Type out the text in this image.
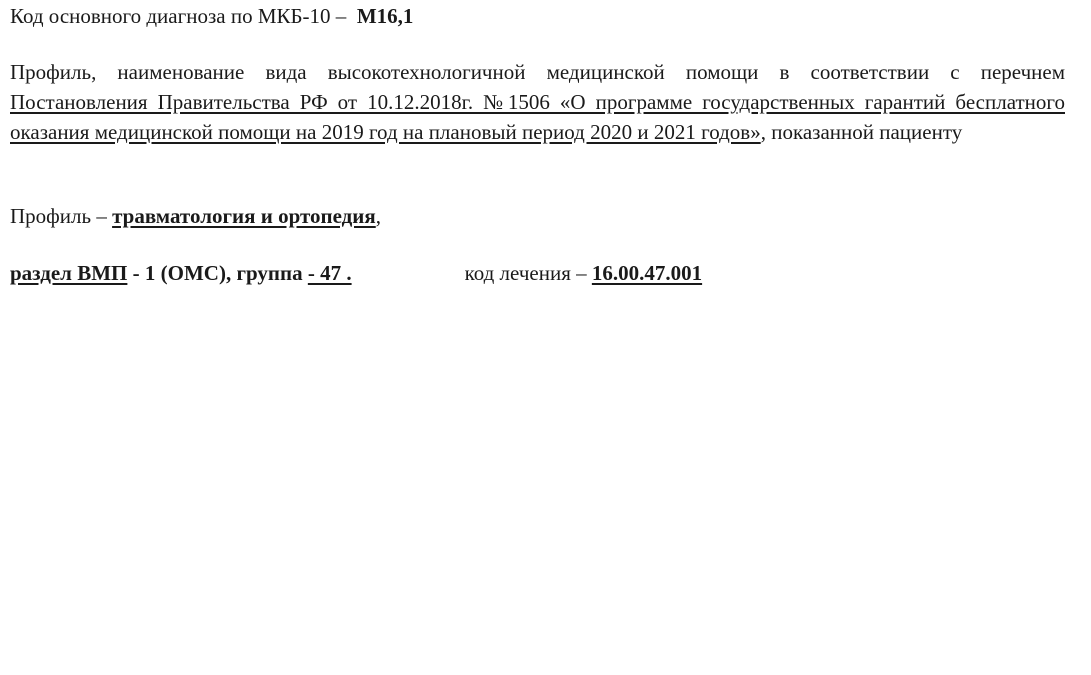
Код основного диагноза по МКБ-10 – M16,1
Профиль, наименование вида высокотехнологичной медицинской помощи в соответствии с перечнем Постановления Правительства РФ от 10.12.2018г. №1506 «О программе государственных гарантий бесплатного оказания медицинской помощи на 2019 год на плановый период 2020 и 2021 годов», показанной пациенту
Профиль – травматология и ортопедия,
раздел ВМП - 1 (ОМС), группа - 47 .	код лечения – 16.00.47.001
